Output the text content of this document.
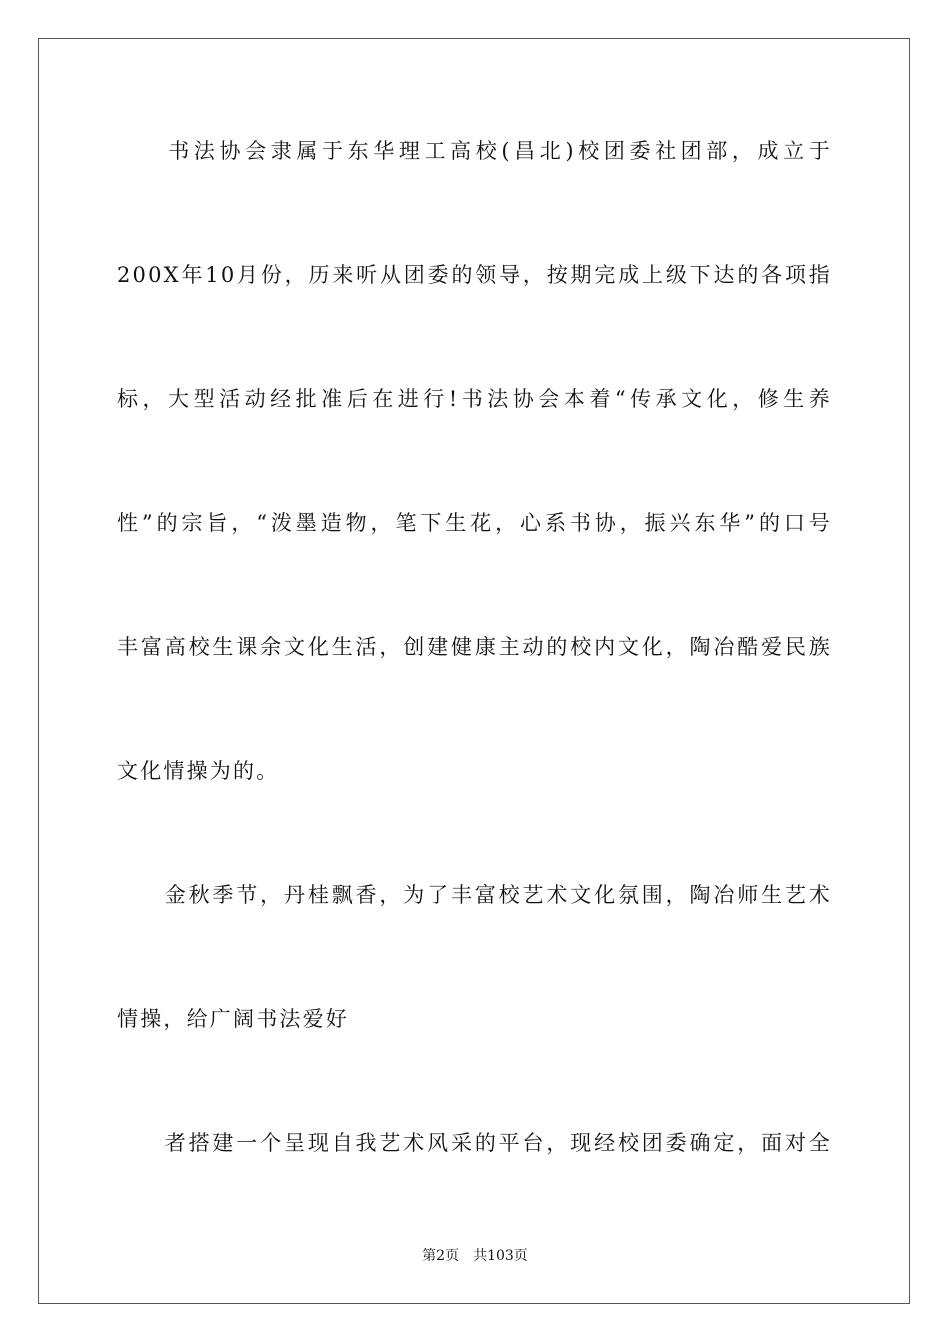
　　书法协会隶属于东华理工高校(昌北)校团委社团部，成立于

200X年10月份，历来听从团委的领导，按期完成上级下达的各项指

标，大型活动经批准后在进行!书法协会本着“传承文化，修生养

性”的宗旨，“泼墨造物，笔下生花，心系书协，振兴东华”的口号

丰富高校生课余文化生活，创建健康主动的校内文化，陶冶酷爱民族

文化情操为的。

　　金秋季节，丹桂飘香，为了丰富校艺术文化氛围，陶冶师生艺术

情操，给广阔书法爱好

　　者搭建一个呈现自我艺术风采的平台，现经校团委确定，面对全

第2页　共103页
